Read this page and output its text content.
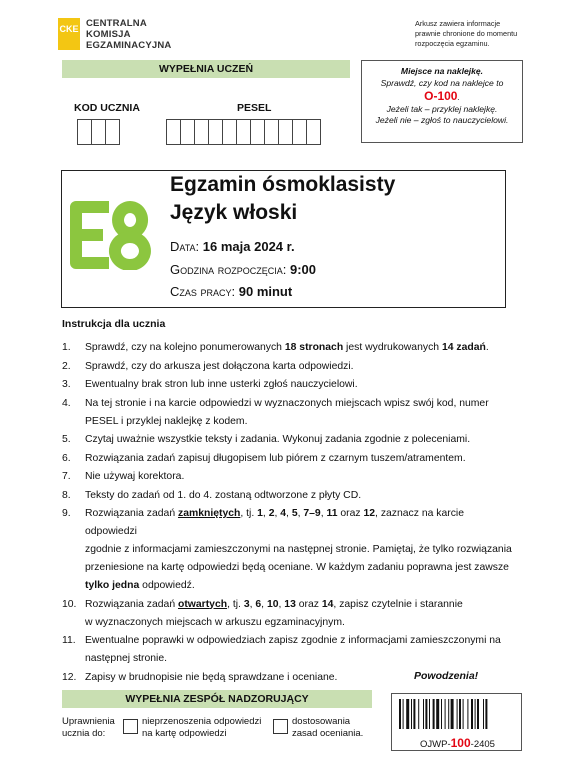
CKE CENTRALNA
KOMISJA
EGZAMINACYJNA
Arkusz zawiera informacje
prawnie chronione do momentu
rozpoczęcia egzaminu.
WYPEŁNIA UCZEŃ	Miejsce na naklejkę.
Sprawdź, czy kod na naklejce to
O-100.
Jeżeli tak – przyklej naklejkę.
Jeżeli nie – zgłoś to nauczycielowi.
KOD UCZNIA	PESEL
E8
Egzamin ósmoklasisty
Język włoski
Data: 16 maja 2024 r.
Godzina rozpoczęcia: 9:00
Czas pracy: 90 minut
Instrukcja dla ucznia
1. Sprawdź, czy na kolejno ponumerowanych 18 stronach jest wydrukowanych 14 zadań.
2. Sprawdź, czy do arkusza jest dołączona karta odpowiedzi.
3. Ewentualny brak stron lub inne usterki zgłoś nauczycielowi.
4. Na tej stronie i na karcie odpowiedzi w wyznaczonych miejscach wpisz swój kod, numer
PESEL i przyklej naklejkę z kodem.
5. Czytaj uważnie wszystkie teksty i zadania. Wykonuj zadania zgodnie z poleceniami.
6. Rozwiązania zadań zapisuj długopisem lub piórem z czarnym tuszem/atramentem.
7. Nie używaj korektora.
8. Teksty do zadań od 1. do 4. zostaną odtworzone z płyty CD.
9. Rozwiązania zadań zamkniętych, tj. 1, 2, 4, 5, 7–9, 11 oraz 12, zaznacz na karcie odpowiedzi
zgodnie z informacjami zamieszczonymi na następnej stronie. Pamiętaj, że tylko rozwiązania
przeniesione na kartę odpowiedzi będą oceniane. W każdym zadaniu poprawna jest zawsze
tylko jedna odpowiedź.
10. Rozwiązania zadań otwartych, tj. 3, 6, 10, 13 oraz 14, zapisz czytelnie i starannie
w wyznaczonych miejscach w arkuszu egzaminacyjnym.
11. Ewentualne poprawki w odpowiedziach zapisz zgodnie z informacjami zamieszczonymi na
następnej stronie.
12. Zapisy w brudnopisie nie będą sprawdzane i oceniane.	Powodzenia!
WYPEŁNIA ZESPÓŁ NADZORUJĄCY
Uprawnienia
ucznia do:
nieprzenoszenia odpowiedzi
na kartę odpowiedzi
dostosowania
zasad oceniania.
OJWP-100-2405
